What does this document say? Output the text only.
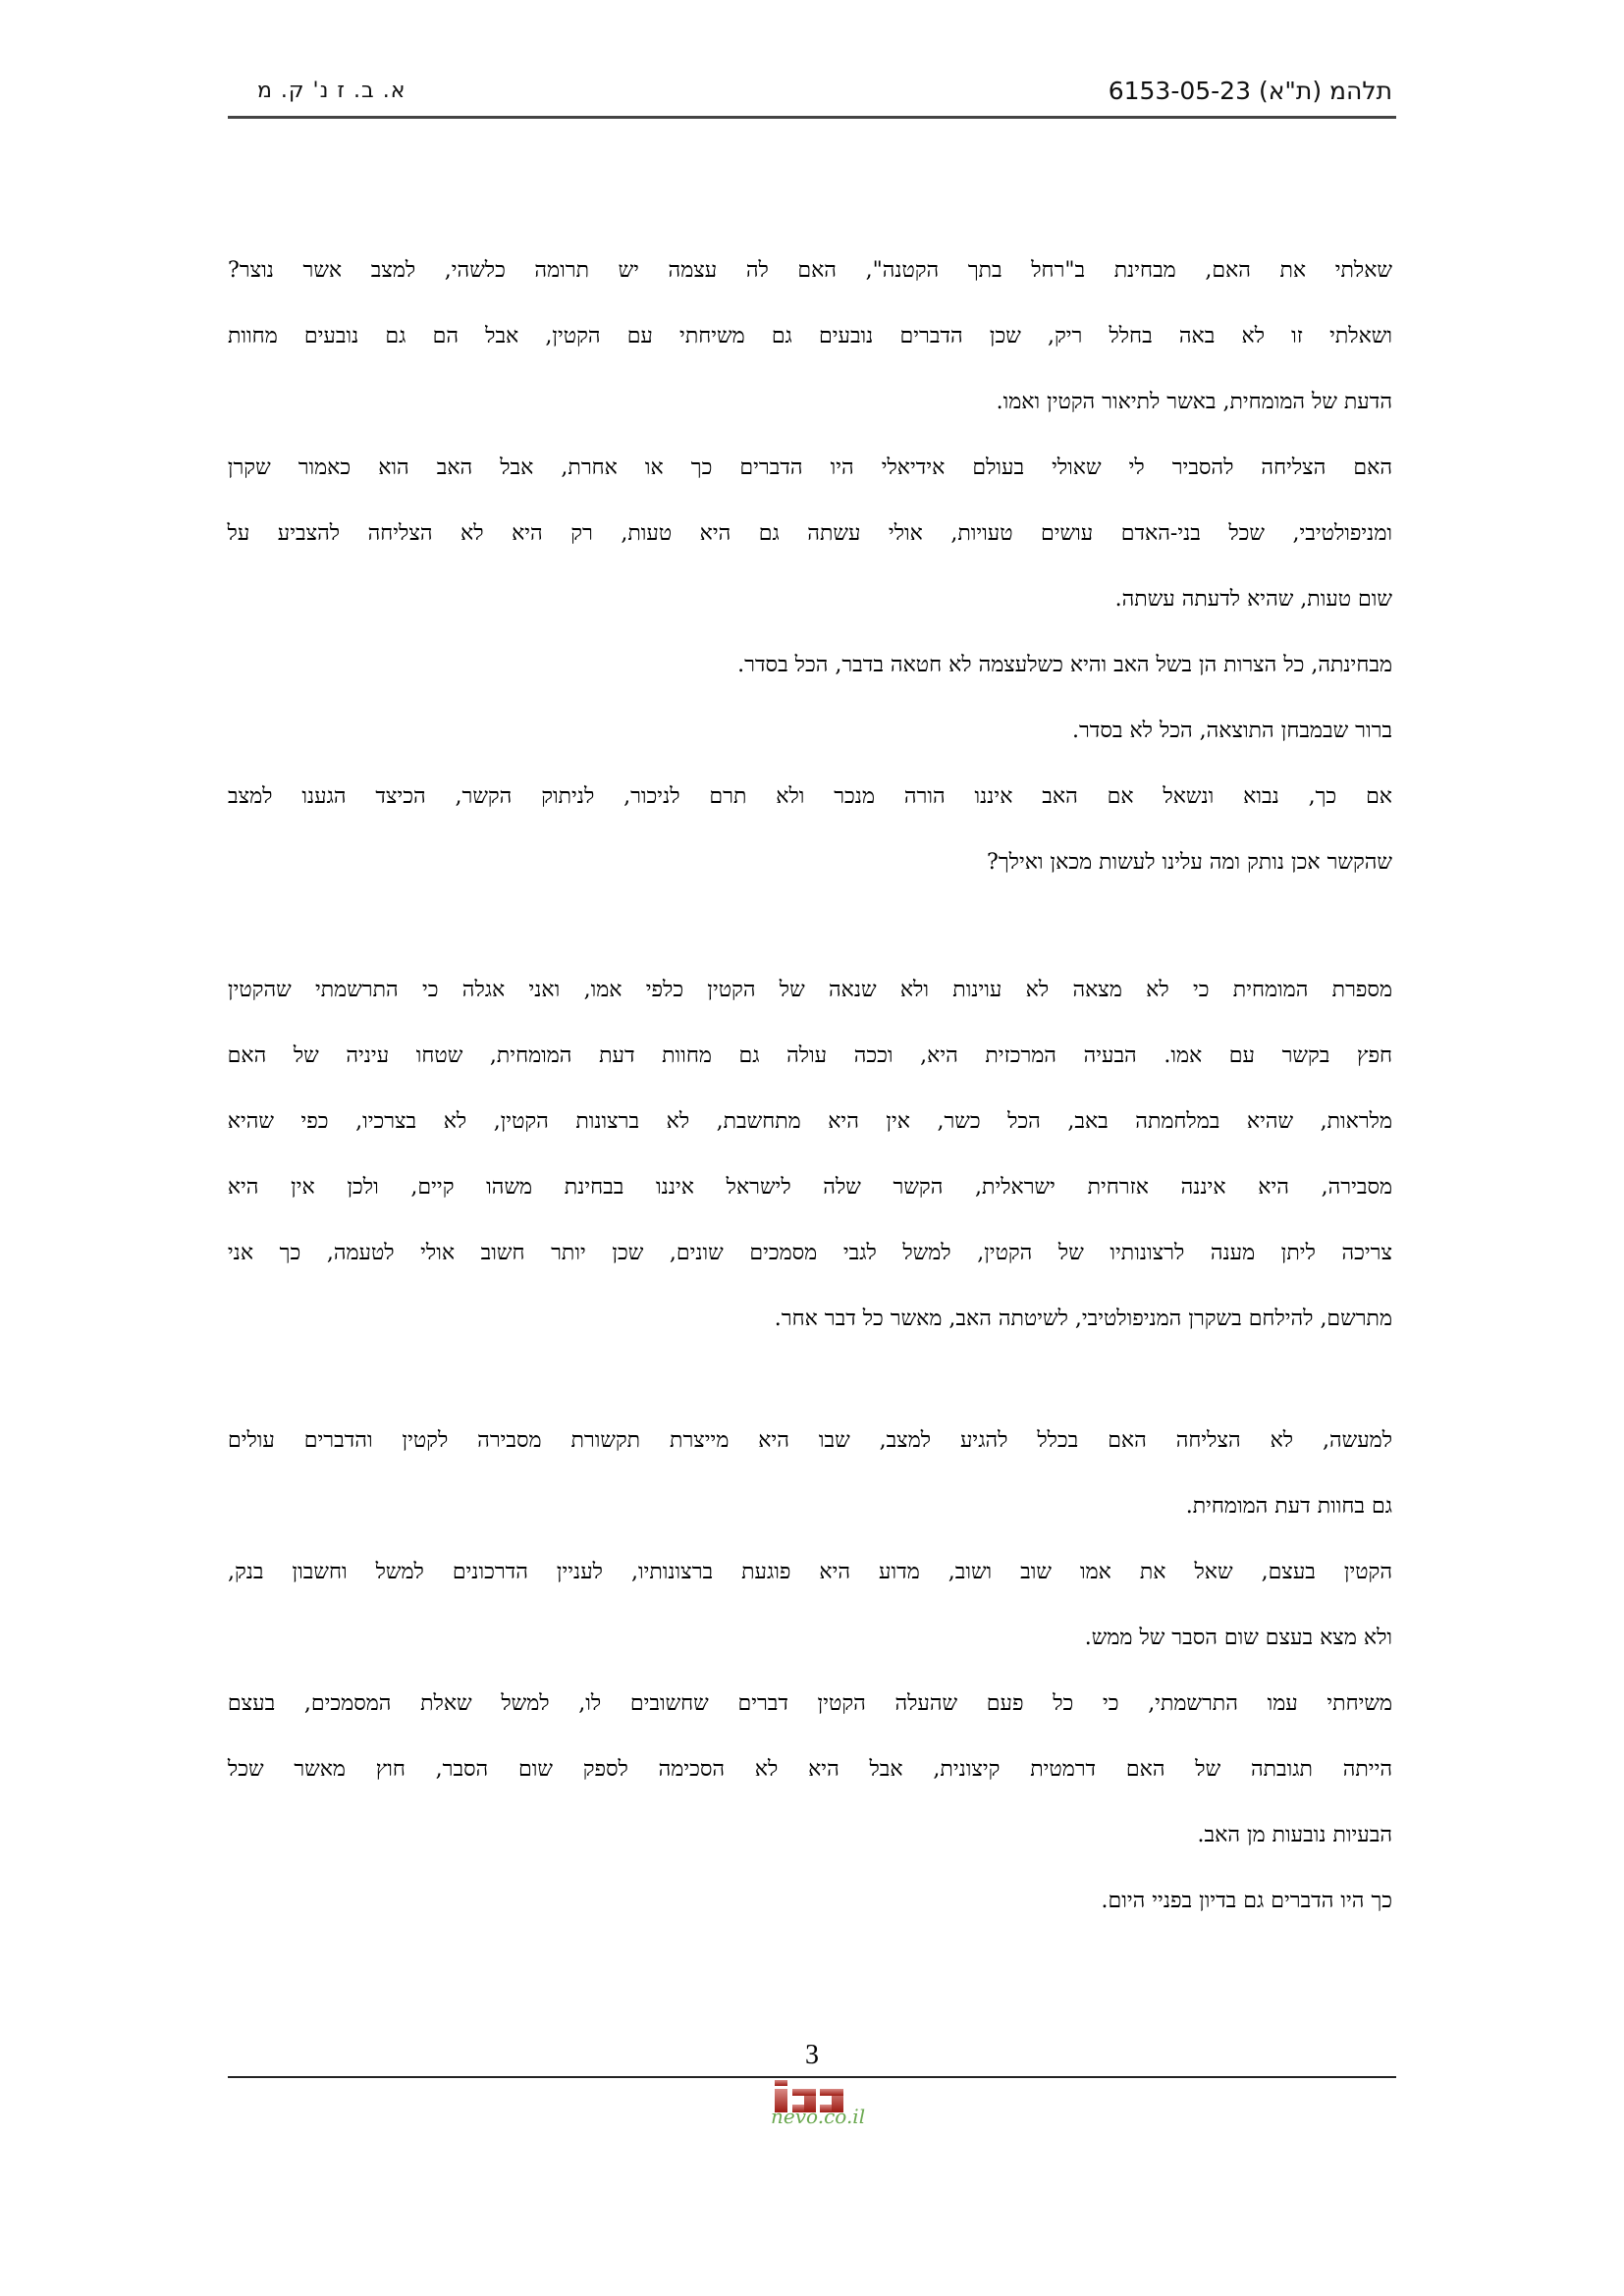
תלהמ (ת"א) 6153-05-23
א. ב. ז נ' ק. מ
שאלתי את האם, מבחינת ב"רחל בתך הקטנה", האם לה עצמה יש תרומה כלשהי, למצב אשר נוצר?
ושאלתי זו לא באה בחלל ריק, שכן הדברים נובעים גם משיחתי עם הקטין, אבל הם גם נובעים מחוות
הדעת של המומחית, באשר לתיאור הקטין ואמו.
האם הצליחה להסביר לי שאולי בעולם אידיאלי היו הדברים כך או אחרת, אבל האב הוא כאמור שקרן
ומניפולטיבי, שכל בני-האדם עושים טעויות, אולי עשתה גם היא טעות, רק היא לא הצליחה להצביע על
שום טעות, שהיא לדעתה עשתה.
מבחינתה, כל הצרות הן בשל האב והיא כשלעצמה לא חטאה בדבר, הכל בסדר.
ברור שבמבחן התוצאה, הכל לא בסדר.
אם כך, נבוא ונשאל אם האב איננו הורה מנכר ולא תרם לניכור, לניתוק הקשר, הכיצד הגענו למצב
שהקשר אכן נותק ומה עלינו לעשות מכאן ואילך?
מספרת המומחית כי לא מצאה לא עוינות ולא שנאה של הקטין כלפי אמו, ואני אגלה כי התרשמתי שהקטין
חפץ בקשר עם אמו. הבעיה המרכזית היא, וככה עולה גם מחוות דעת המומחית, שטחו עיניה של האם
מלראות, שהיא במלחמתה באב, הכל כשר, אין היא מתחשבת, לא ברצונות הקטין, לא בצרכיו, כפי שהיא
מסבירה, היא איננה אזרחית ישראלית, הקשר שלה לישראל איננו בבחינת משהו קיים, ולכן אין היא
צריכה ליתן מענה לרצונותיו של הקטין, למשל לגבי מסמכים שונים, שכן יותר חשוב אולי לטעמה, כך אני
מתרשם, להילחם בשקרן המניפולטיבי, לשיטתה האב, מאשר כל דבר אחר.
למעשה, לא הצליחה האם בכלל להגיע למצב, שבו היא מייצרת תקשורת מסבירה לקטין והדברים עולים
גם בחוות דעת המומחית.
הקטין בעצם, שאל את אמו שוב ושוב, מדוע היא פוגעת ברצונותיו, לעניין הדרכונים למשל וחשבון בנק,
ולא מצא בעצם שום הסבר של ממש.
משיחתי עמו התרשמתי, כי כל פעם שהעלה הקטין דברים שחשובים לו, למשל שאלת המסמכים, בעצם
הייתה תגובתה של האם דרמטית קיצונית, אבל היא לא הסכימה לספק שום הסבר, חוץ מאשר שכל
הבעיות נובעות מן האב.
כך היו הדברים גם בדיון בפניי היום.
3
nevo.co.il
